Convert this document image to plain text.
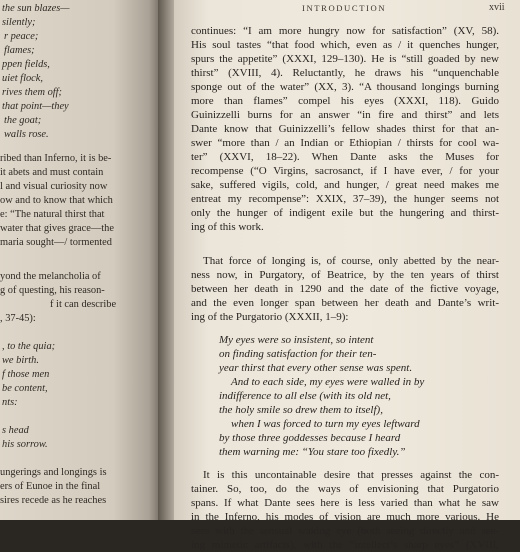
the sun blazes—
silently;
r peace;
flames;
ppen fields,
uiet flock,
rives them off;
that point—they
the goat;
walls rose.
ribed than Inferno, it is be-
it abets and must contain
l and visual curiosity now
ow and to know that which
e: “The natural thirst that
water that gives grace—the
maria sought—/ tormented
yond the melancholia of
g of questing, his reason-
f it can describe
, 37-45):
, to the quia;
we birth.
f those men
be content,
nts:
s head
his sorrow.
ungerings and longings is
ers of Eunoe in the final
sires recede as he reaches
INTRODUCTION	xvii
continues: “I am more hungry now for satisfaction” (XV, 58).
His soul tastes “that food which, even as / it quenches hunger,
spurs the appetite” (XXXI, 129–130). He is “still goaded by new
thirst” (XVIII, 4). Reluctantly, he draws his “unquenchable
sponge out of the water” (XX, 3). “A thousand longings burning
more than flames” compel his eyes (XXXI, 118). Guido
Guinizzelli burns for an answer “in fire and thirst” and lets
Dante know that Guinizzelli’s fellow shades thirst for that an-
swer “more than / an Indian or Ethiopian / thirsts for cool wa-
ter” (XXVI, 18–22). When Dante asks the Muses for
recompense (“O Virgins, sacrosanct, if I have ever, / for your
sake, suffered vigils, cold, and hunger, / great need makes me
entreat my recompense”: XXIX, 37–39), the hunger seems not
only the hunger of indigent exile but the hungering and thirst-
ing of this work.
That force of longing is, of course, only abetted by the near-
ness now, in Purgatory, of Beatrice, by the ten years of thirst
between her death in 1290 and the date of the fictive voyage,
and the even longer span between her death and Dante’s writ-
ing of the Purgatorio (XXXII, 1–9):
My eyes were so insistent, so intent
on finding satisfaction for their ten-
year thirst that every other sense was spent.
And to each side, my eyes were walled in by
indifference to all else (with its old net,
the holy smile so drew them to itself),
when I was forced to turn my eyes leftward
by those three goddesses because I heard
them warning me: “You stare too fixedly.”
It is this uncontainable desire that presses against the con-
tainer. So, too, do the ways of envisioning that Purgatorio
spans. If what Dante sees here is less varied than what he saw
in the Inferno, his modes of vision are much more various. He
sees with the sensual waking eye (both seeing directly and see-
ing mimetic artifacts), with the “intellect’s sharp eyes” (XVIII,
